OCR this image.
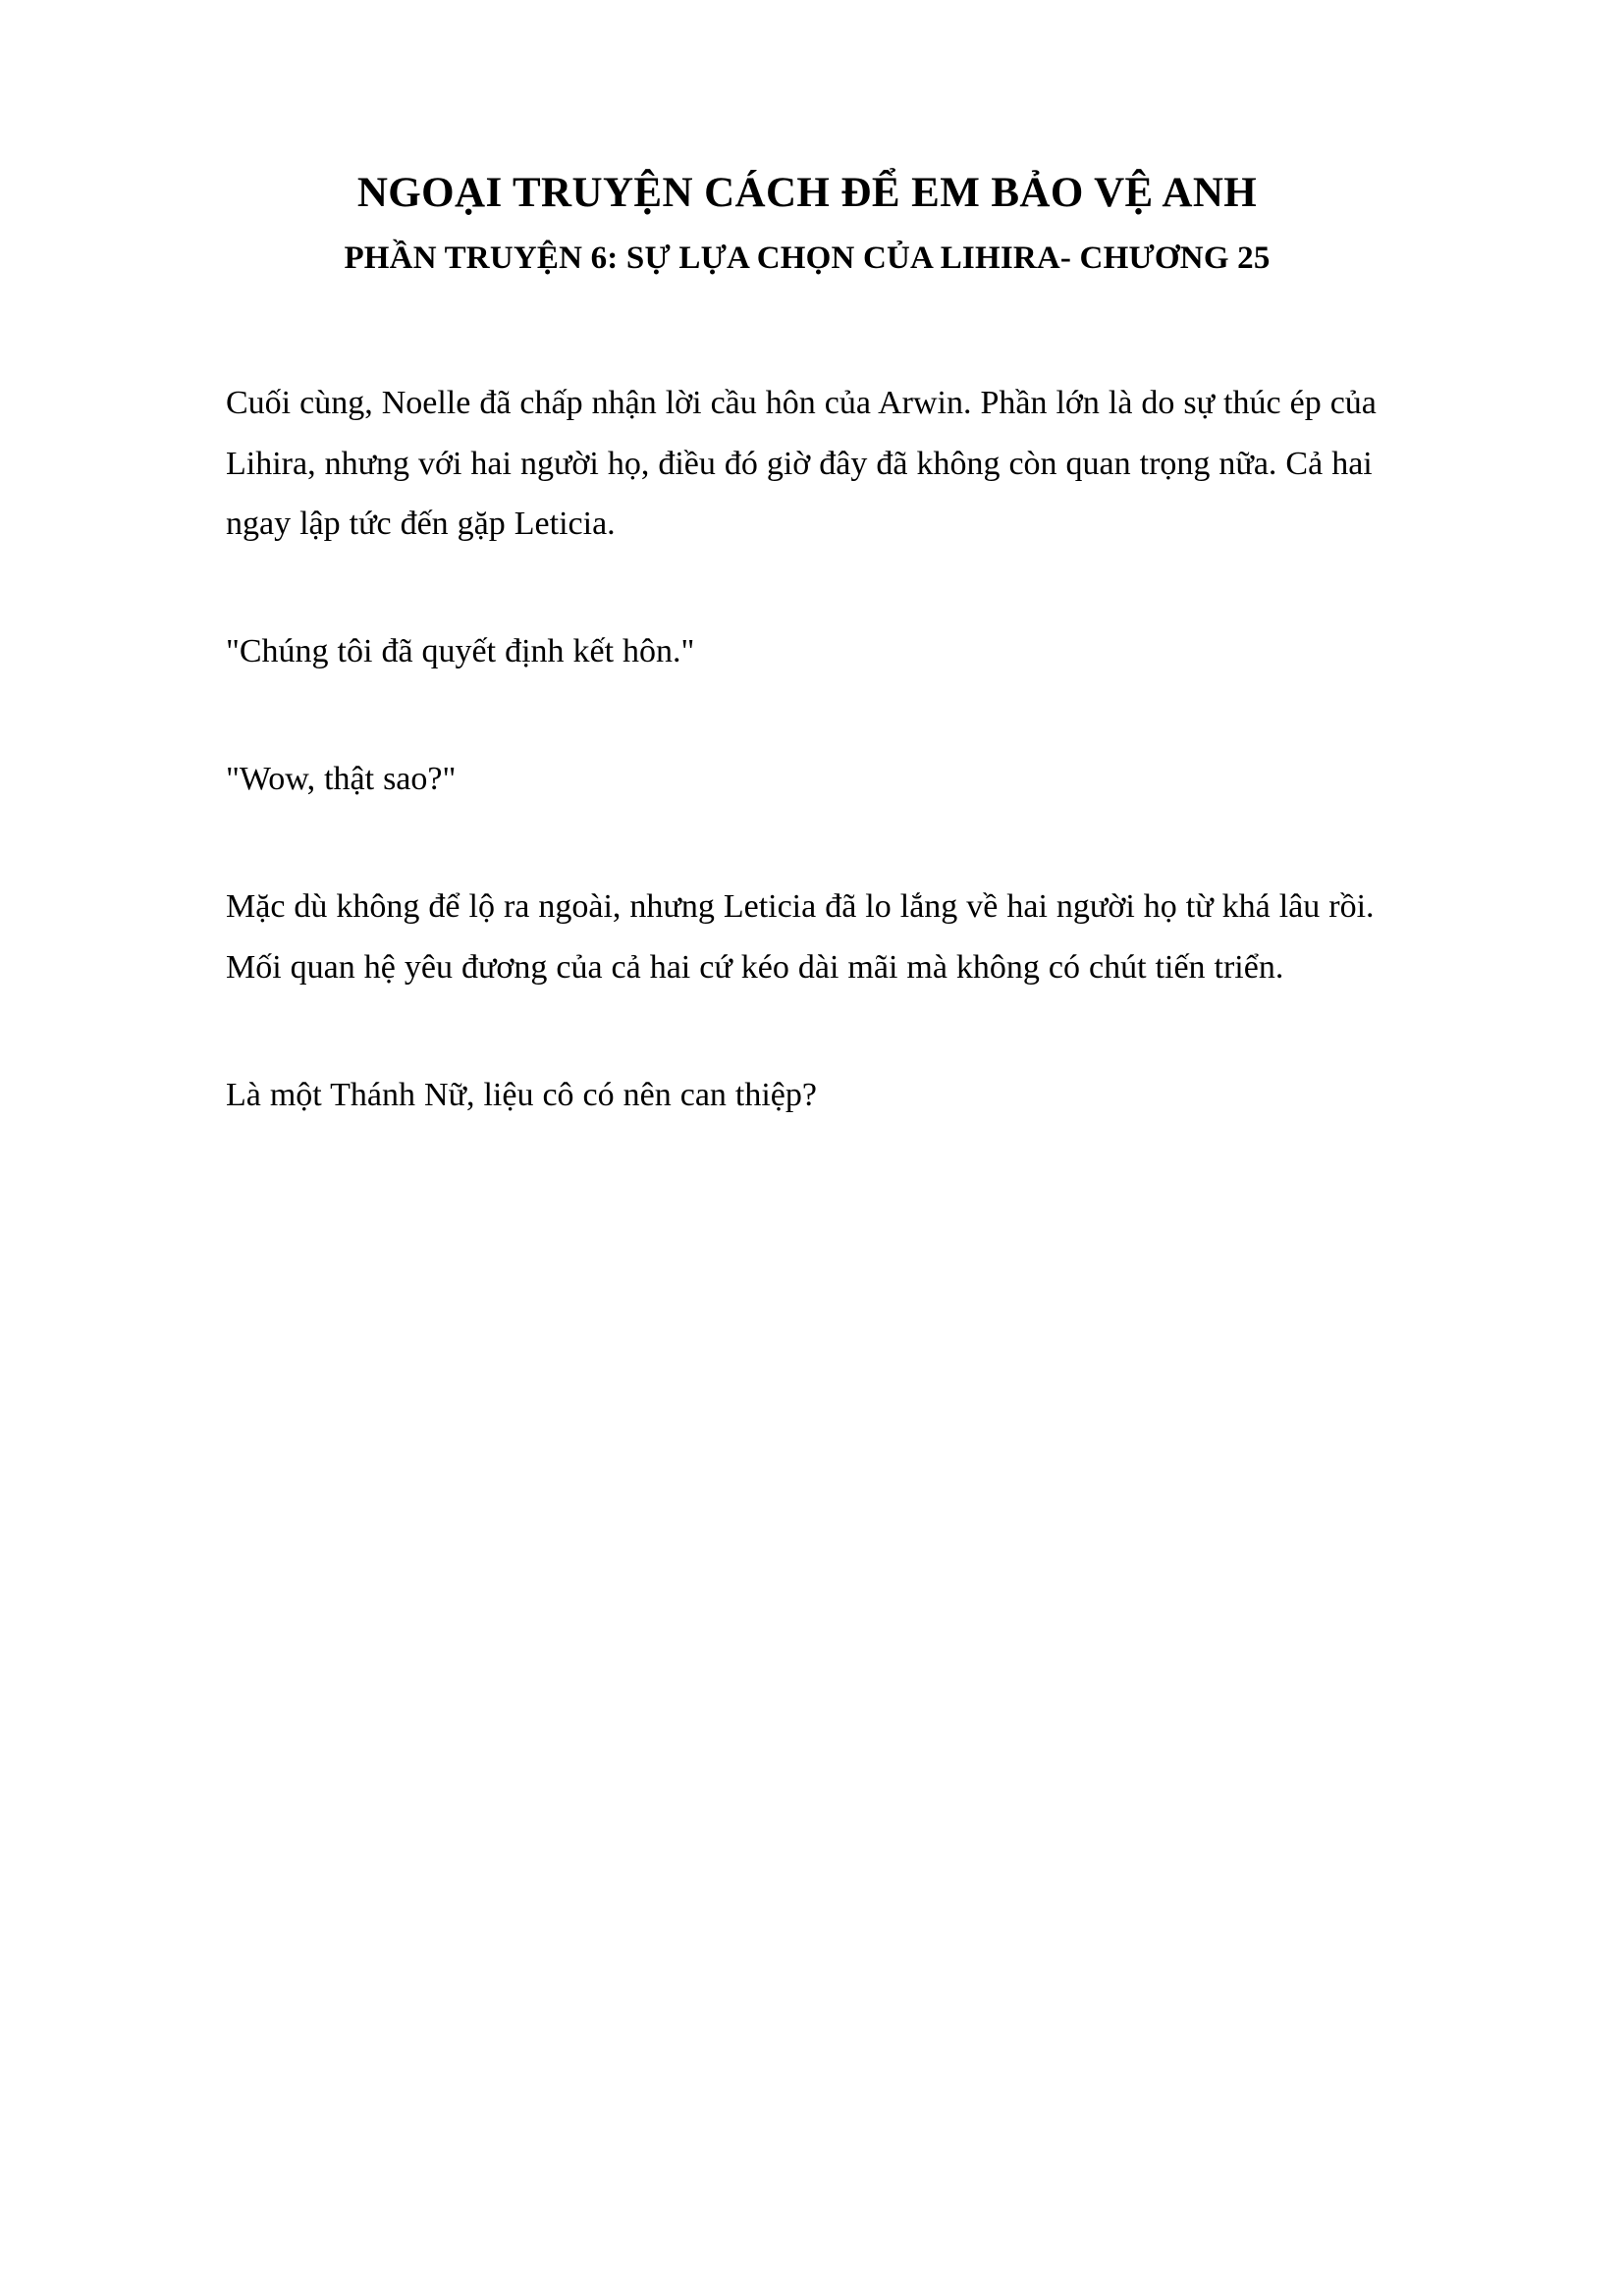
NGOẠI TRUYỆN CÁCH ĐỂ EM BẢO VỆ ANH
PHẦN TRUYỆN 6: SỰ LỰA CHỌN CỦA LIHIRA- CHƯƠNG 25

Cuối cùng, Noelle đã chấp nhận lời cầu hôn của Arwin. Phần lớn là do sự thúc ép của Lihira, nhưng với hai người họ, điều đó giờ đây đã không còn quan trọng nữa. Cả hai ngay lập tức đến gặp Leticia.

"Chúng tôi đã quyết định kết hôn."

"Wow, thật sao?"

Mặc dù không để lộ ra ngoài, nhưng Leticia đã lo lắng về hai người họ từ khá lâu rồi. Mối quan hệ yêu đương của cả hai cứ kéo dài mãi mà không có chút tiến triển.

Là một Thánh Nữ, liệu cô có nên can thiệp?
